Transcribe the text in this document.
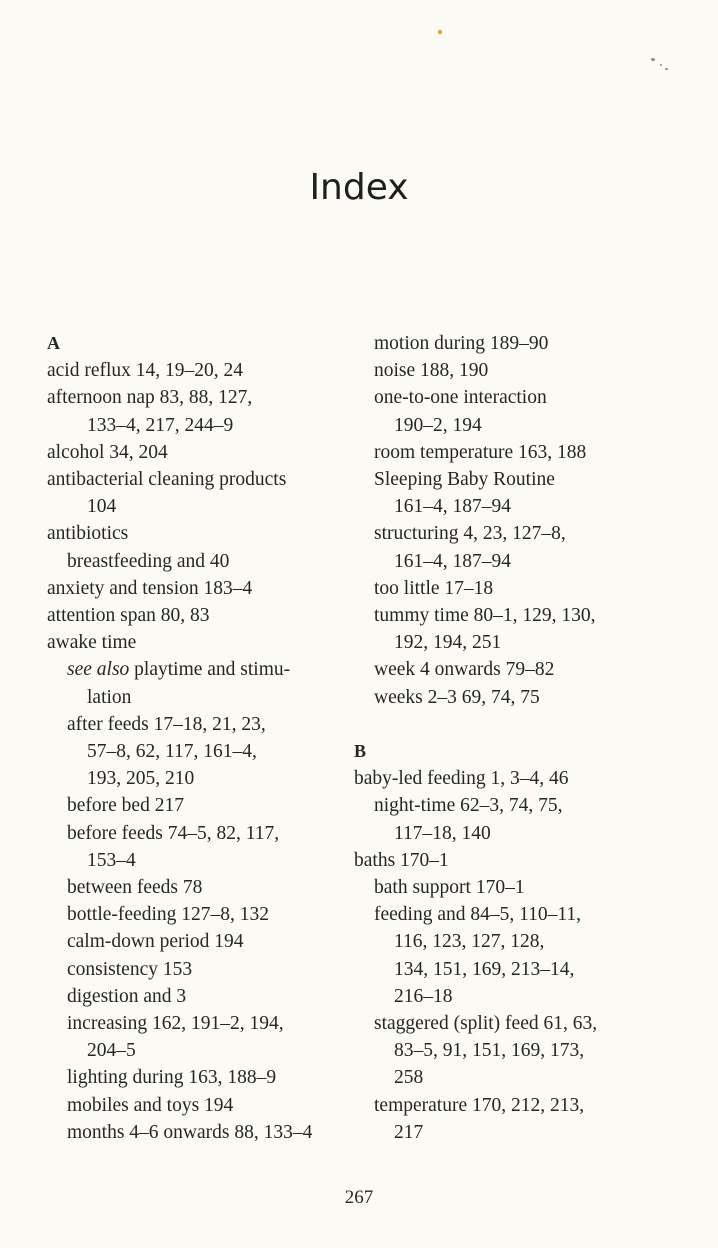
Index
A
acid reflux 14, 19–20, 24
afternoon nap 83, 88, 127,
133–4, 217, 244–9
alcohol 34, 204
antibacterial cleaning products
104
antibiotics
breastfeeding and 40
anxiety and tension 183–4
attention span 80, 83
awake time
see also playtime and stimu-
lation
after feeds 17–18, 21, 23,
57–8, 62, 117, 161–4,
193, 205, 210
before bed 217
before feeds 74–5, 82, 117,
153–4
between feeds 78
bottle-feeding 127–8, 132
calm-down period 194
consistency 153
digestion and 3
increasing 162, 191–2, 194,
204–5
lighting during 163, 188–9
mobiles and toys 194
months 4–6 onwards 88, 133–4
motion during 189–90
noise 188, 190
one-to-one interaction
190–2, 194
room temperature 163, 188
Sleeping Baby Routine
161–4, 187–94
structuring 4, 23, 127–8,
161–4, 187–94
too little 17–18
tummy time 80–1, 129, 130,
192, 194, 251
week 4 onwards 79–82
weeks 2–3 69, 74, 75
B
baby-led feeding 1, 3–4, 46
night-time 62–3, 74, 75,
117–18, 140
baths 170–1
bath support 170–1
feeding and 84–5, 110–11,
116, 123, 127, 128,
134, 151, 169, 213–14,
216–18
staggered (split) feed 61, 63,
83–5, 91, 151, 169, 173,
258
temperature 170, 212, 213,
217
267
